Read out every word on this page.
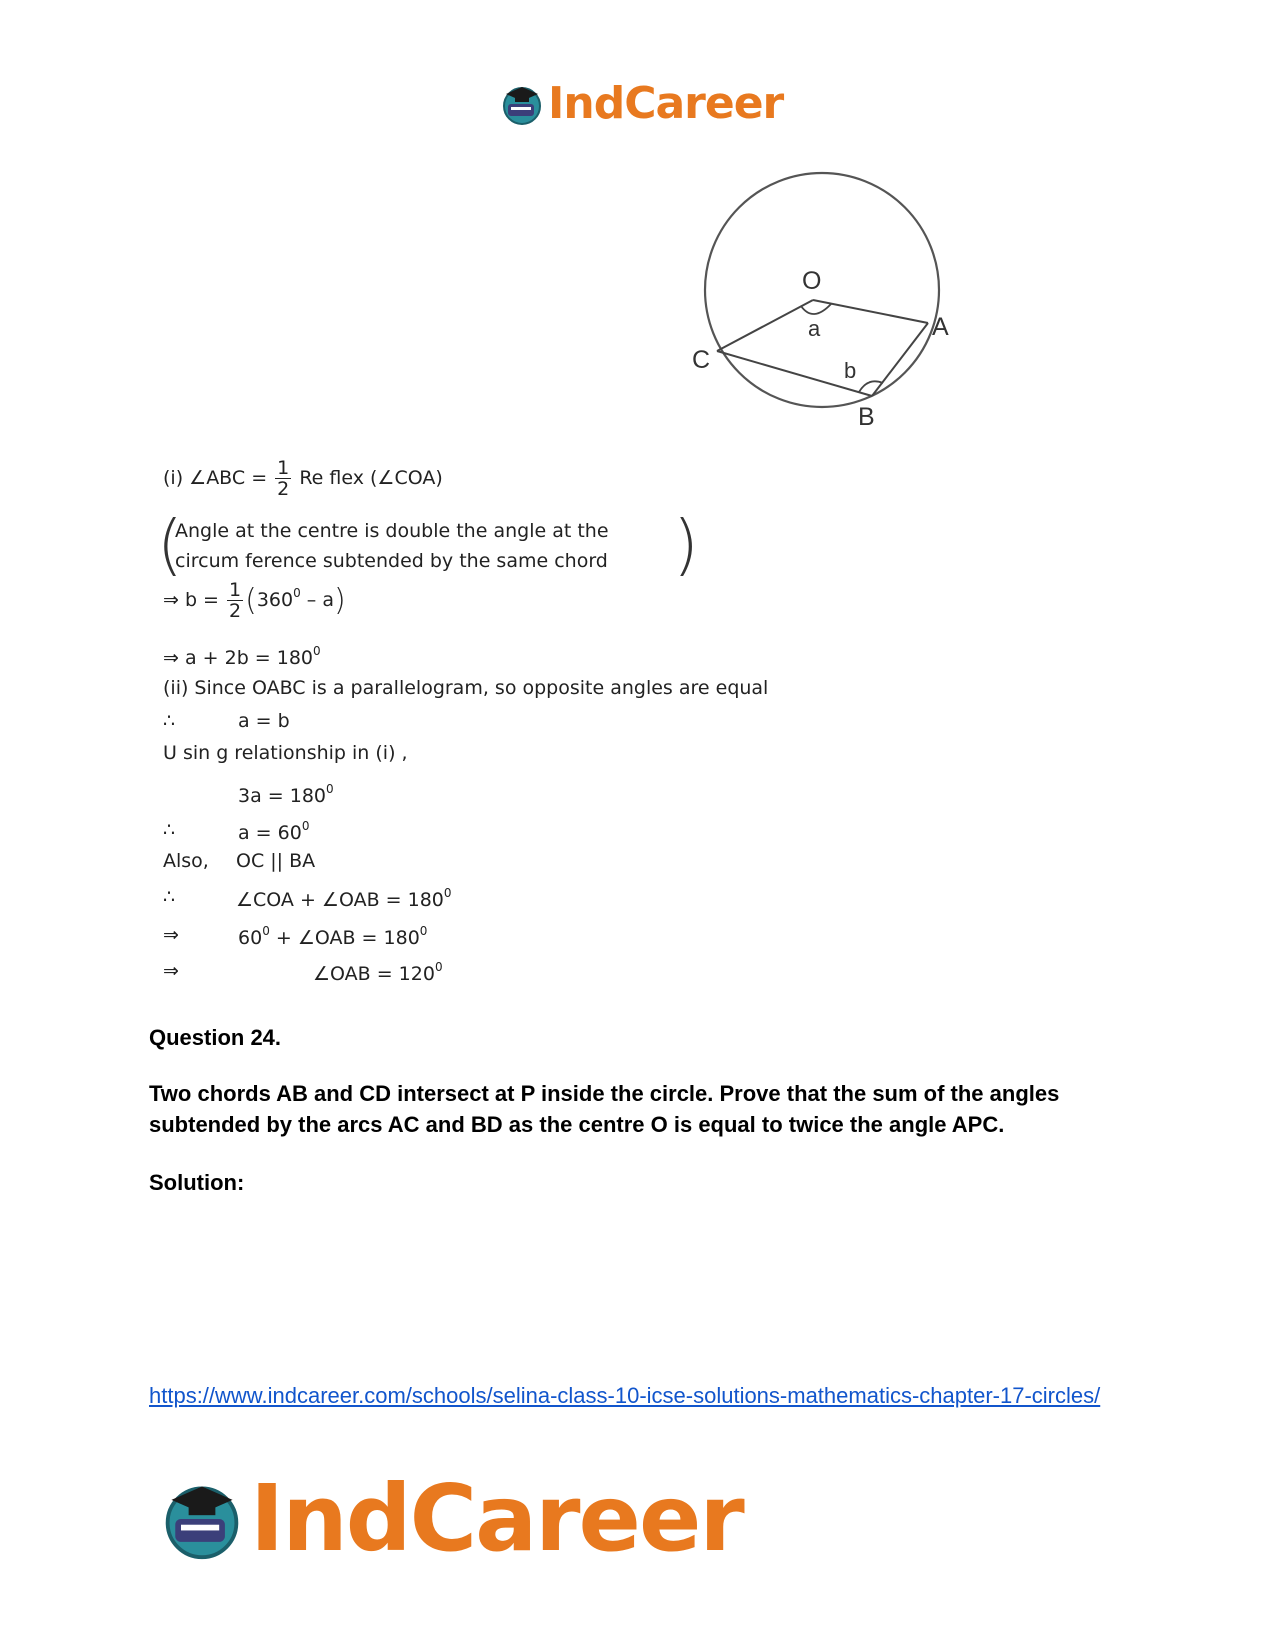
IndCareer
O
A
B
C
a
b
(i) ∠ABC = $\frac{1}{2}$ Re flex (∠COA)
(
Angle at the centre is double the angle at the
circum ference subtended by the same chord )
⇒ $b = \frac{1}{2} (360^0 - a)$
⇒ $a + 2b = 180^0$
(ii) Since OABC is a parallelogram, so opposite angles are equal
∴	a = b
U sin g relationship in (i) ,
$3a = 180^0$
∴	$a = 60^0$
Also, OC || BA
∴	∠COA + ∠OAB = $180^0$
⇒	$60^0$ + ∠OAB = $180^0$
⇒	∠OAB = $120^0$
Question 24.
Two chords AB and CD intersect at P inside the circle. Prove that the sum of the angles subtended by the arcs AC and BD as the centre O is equal to twice the angle APC.
Solution:
https://www.indcareer.com/schools/selina-class-10-icse-solutions-mathematics-chapter-17-circles/
IndCareer
